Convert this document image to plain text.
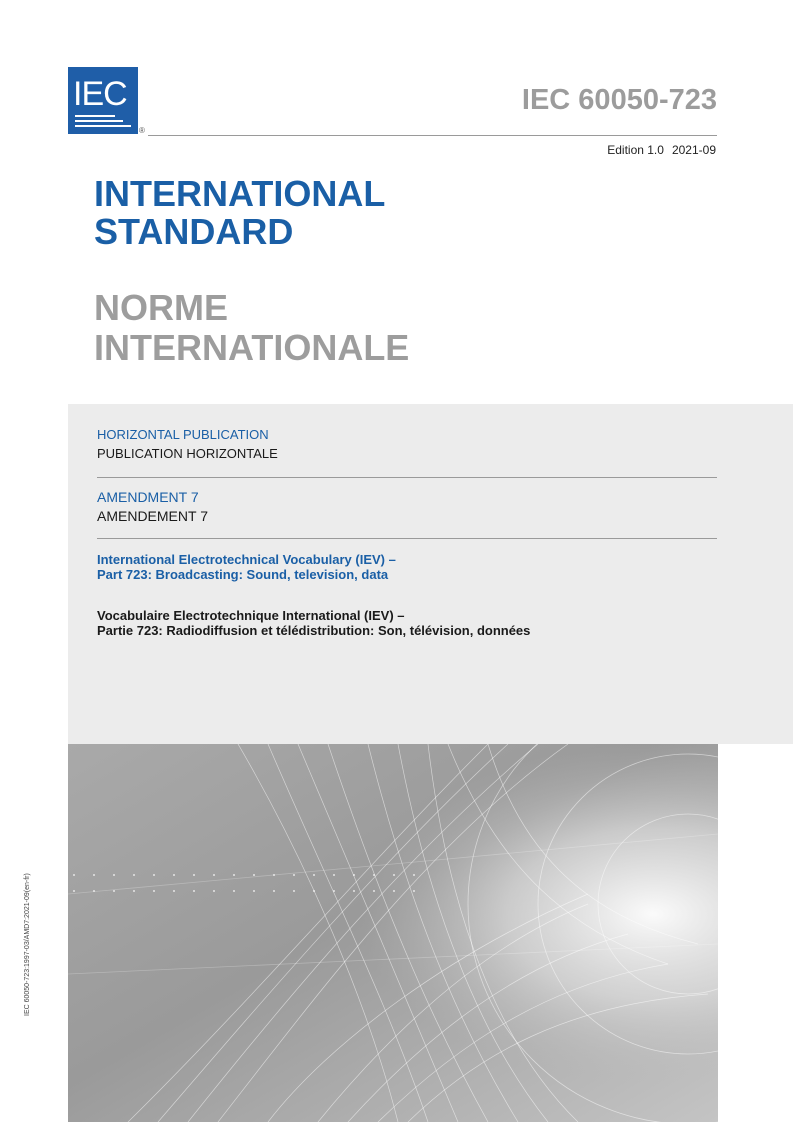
IEC
®
IEC 60050-723
Edition 1.0 2021-09
INTERNATIONAL
STANDARD
NORME
INTERNATIONALE
HORIZONTAL PUBLICATION
PUBLICATION HORIZONTALE
AMENDMENT 7
AMENDEMENT 7
International Electrotechnical Vocabulary (IEV) –
Part 723: Broadcasting: Sound, television, data
Vocabulaire Electrotechnique International (IEV) –
Partie 723: Radiodiffusion et télédistribution: Son, télévision, données
IEC 60050-723:1997-03/AMD7:2021-09(en-fr)
